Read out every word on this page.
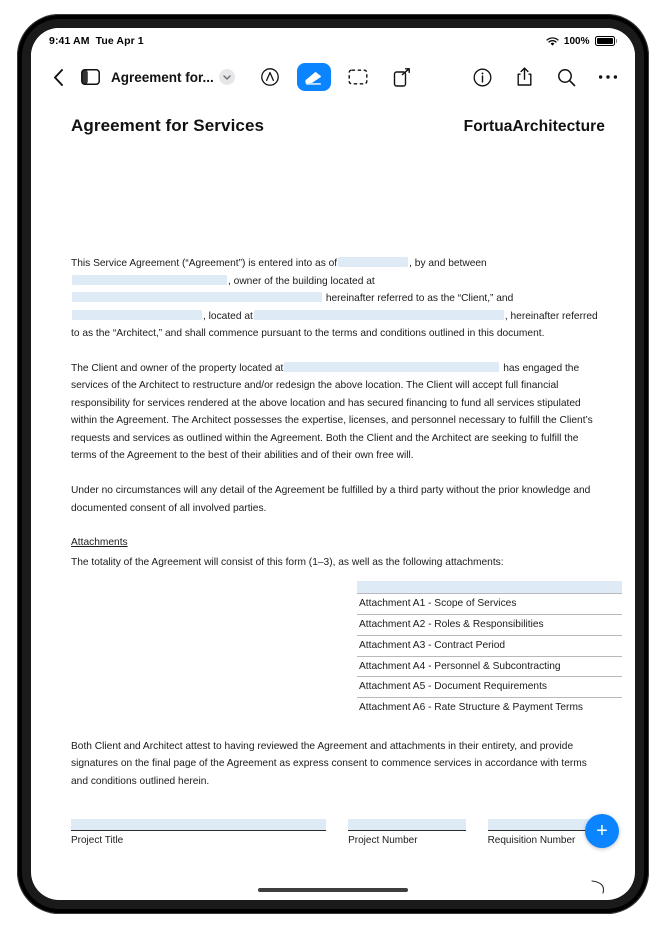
9:41 AM Tue Apr 1	100%
Agreement for...
Agreement for Services	FortuaArchitecture

This Service Agreement (“Agreement”) is entered into as of	, by and between, owner of the building located at hereinafter referred to as the “Client,” and, located at	, hereinafter referred to as the “Architect,” and shall commence pursuant to the terms and conditions outlined in this document.

The Client and owner of the property located at	has engaged the services of the Architect to restructure and/or redesign the above location. The Client will accept full financial responsibility for services rendered at the above location and has secured financing to fund all services stipulated within the Agreement. The Architect possesses the expertise, licenses, and personnel necessary to fulfill the Client’s requests and services as outlined within the Agreement. Both the Client and the Architect are seeking to fulfill the terms of the Agreement to the best of their abilities and of their own free will.

Under no circumstances will any detail of the Agreement be fulfilled by a third party without the prior knowledge and documented consent of all involved parties.

Attachments

The totality of the Agreement will consist of this form (1–3), as well as the following attachments:

Attachment A1 - Scope of Services
Attachment A2 - Roles & Responsibilities
Attachment A3 - Contract Period
Attachment A4 - Personnel & Subcontracting
Attachment A5 - Document Requirements
Attachment A6 - Rate Structure & Payment Terms

Both Client and Architect attest to having reviewed the Agreement and attachments in their entirety, and provide signatures on the final page of the Agreement as express consent to commence services in accordance with terms and conditions outlined herein.

Project Title	Project Number	Requisition Number	+
